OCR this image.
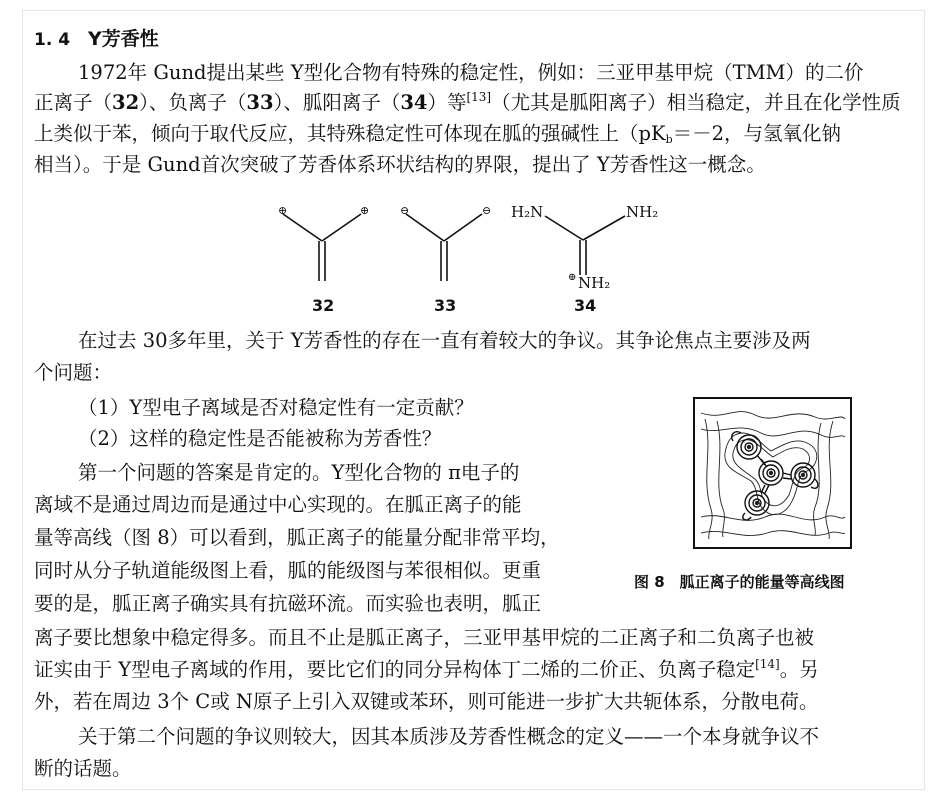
1. 4 Y芳香性
1972年 Gund提出某些 Y型化合物有特殊的稳定性，例如：三亚甲基甲烷（TMM）的二价
正离子（32）、负离子（33）、胍阳离子（34）等[13]（尤其是胍阳离子）相当稳定，并且在化学性质
上类似于苯，倾向于取代反应，其特殊稳定性可体现在胍的强碱性上（$pK_b=-2$，与氢氧化钠
相当）。于是 Gund首次突破了芳香体系环状结构的界限，提出了 Y芳香性这一概念。
⊕	⊕	⊖	⊖ H₂N	NH₂
⊕ NH₂
32	33	34
在过去 30多年里，关于 Y芳香性的存在一直有着较大的争议。其争论焦点主要涉及两
个问题：
（1）Y型电子离域是否对稳定性有一定贡献？
（2）这样的稳定性是否能被称为芳香性？
第一个问题的答案是肯定的。Y型化合物的 π电子的
离域不是通过周边而是通过中心实现的。在胍正离子的能
量等高线（图 8）可以看到，胍正离子的能量分配非常平均，
同时从分子轨道能级图上看，胍的能级图与苯很相似。更重
要的是，胍正离子确实具有抗磁环流。而实验也表明，胍正
离子要比想象中稳定得多。而且不止是胍正离子，三亚甲基甲烷的二正离子和二负离子也被
证实由于 Y型电子离域的作用，要比它们的同分异构体丁二烯的二价正、负离子稳定[14]。另
外，若在周边 3个 C或 N原子上引入双键或苯环，则可能进一步扩大共轭体系，分散电荷。
关于第二个问题的争议则较大，因其本质涉及芳香性概念的定义——一个本身就争议不
断的话题。
图 8　胍正离子的能量等高线图
